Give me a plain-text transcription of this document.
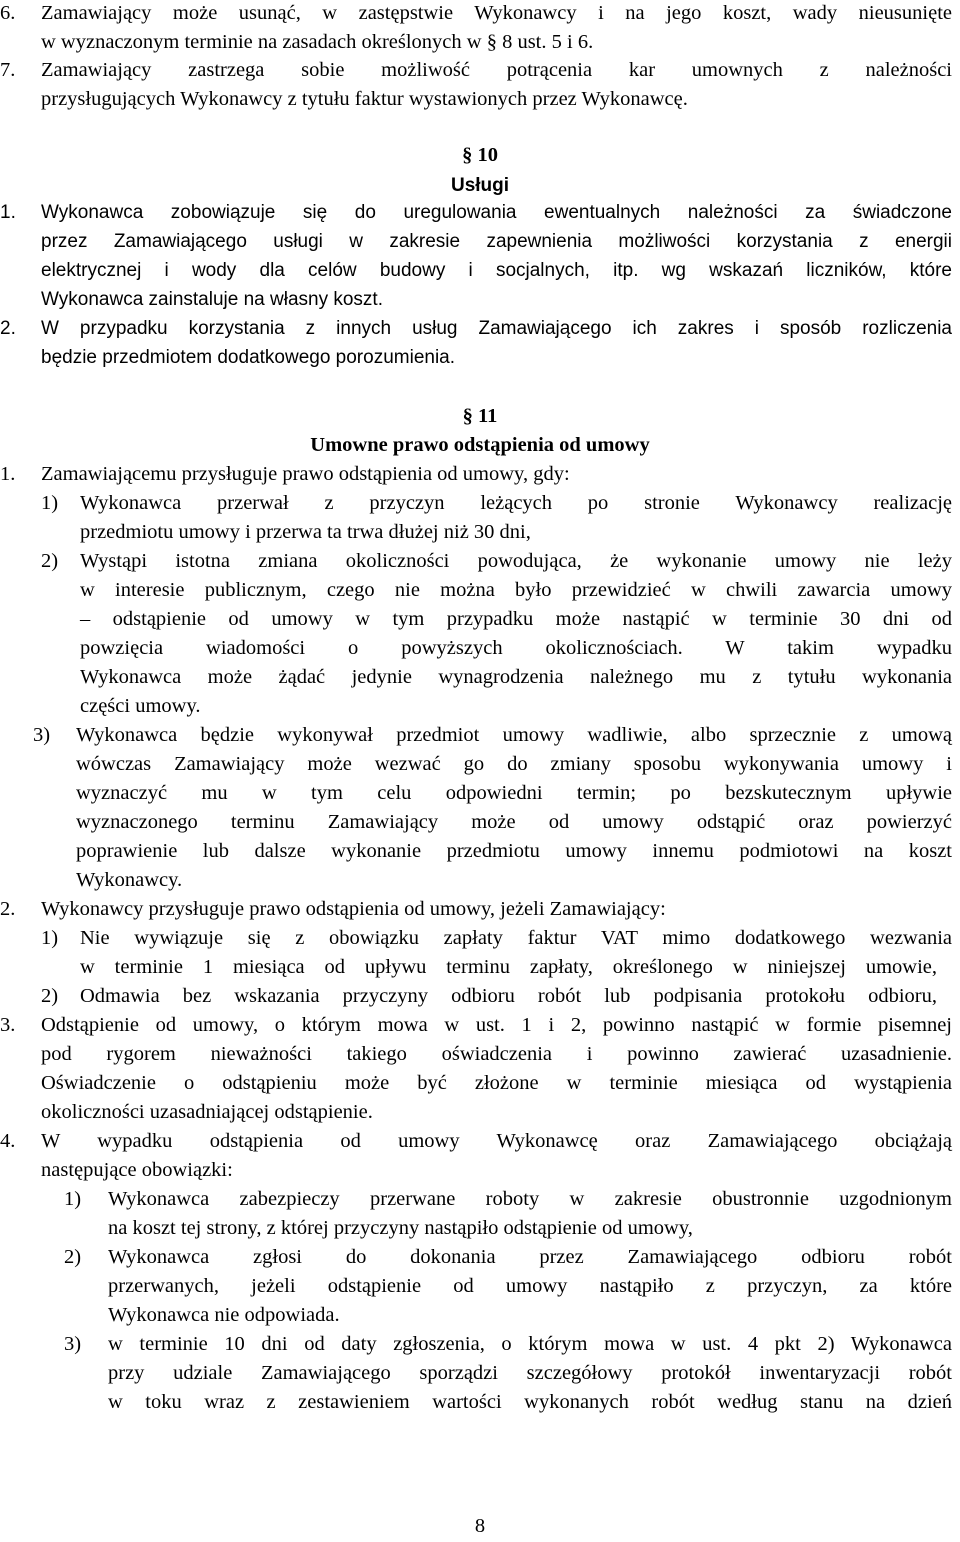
6. Zamawiający może usunąć, w zastępstwie Wykonawcy i na jego koszt, wady nieusunięte
w wyznaczonym terminie na zasadach określonych w § 8 ust. 5 i 6.
7. Zamawiający zastrzega sobie możliwość potrącenia kar umownych z należności
przysługujących Wykonawcy z tytułu faktur wystawionych przez Wykonawcę.
§ 10
Usługi
1. Wykonawca zobowiązuje się do uregulowania ewentualnych należności za świadczone
przez Zamawiającego usługi w zakresie zapewnienia możliwości korzystania z energii
elektrycznej i wody dla celów budowy i socjalnych, itp. wg wskazań liczników, które
Wykonawca zainstaluje na własny koszt.
2. W przypadku korzystania z innych usług Zamawiającego ich zakres i sposób rozliczenia
będzie przedmiotem dodatkowego porozumienia.
§ 11
Umowne prawo odstąpienia od umowy
1. Zamawiającemu przysługuje prawo odstąpienia od umowy, gdy:
1) Wykonawca przerwał z przyczyn leżących po stronie Wykonawcy realizację
przedmiotu umowy i przerwa ta trwa dłużej niż 30 dni,
2) Wystąpi istotna zmiana okoliczności powodująca, że wykonanie umowy nie leży
w interesie publicznym, czego nie można było przewidzieć w chwili zawarcia umowy
– odstąpienie od umowy w tym przypadku może nastąpić w terminie 30 dni od
powzięcia wiadomości o powyższych okolicznościach. W takim wypadku
Wykonawca może żądać jedynie wynagrodzenia należnego mu z tytułu wykonania
części umowy.
3) Wykonawca będzie wykonywał przedmiot umowy wadliwie, albo sprzecznie z umową
wówczas Zamawiający może wezwać go do zmiany sposobu wykonywania umowy i
wyznaczyć mu w tym celu odpowiedni termin; po bezskutecznym upływie
wyznaczonego terminu Zamawiający może od umowy odstąpić oraz powierzyć
poprawienie lub dalsze wykonanie przedmiotu umowy innemu podmiotowi na koszt
Wykonawcy.
2. Wykonawcy przysługuje prawo odstąpienia od umowy, jeżeli Zamawiający:
1) Nie wywiązuje się z obowiązku zapłaty faktur VAT mimo dodatkowego wezwania
w terminie 1 miesiąca od upływu terminu zapłaty, określonego w niniejszej umowie,
2) Odmawia bez wskazania przyczyny odbioru robót lub podpisania protokołu odbioru,
3. Odstąpienie od umowy, o którym mowa w ust. 1 i 2, powinno nastąpić w formie pisemnej
pod rygorem nieważności takiego oświadczenia i powinno zawierać uzasadnienie.
Oświadczenie o odstąpieniu może być złożone w terminie miesiąca od wystąpienia
okoliczności uzasadniającej odstąpienie.
4. W wypadku odstąpienia od umowy Wykonawcę oraz Zamawiającego obciążają
następujące obowiązki:
1) Wykonawca zabezpieczy przerwane roboty w zakresie obustronnie uzgodnionym
na koszt tej strony, z której przyczyny nastąpiło odstąpienie od umowy,
2) Wykonawca zgłosi do dokonania przez Zamawiającego odbioru robót
przerwanych, jeżeli odstąpienie od umowy nastąpiło z przyczyn, za które
Wykonawca nie odpowiada.
3) w terminie 10 dni od daty zgłoszenia, o którym mowa w ust. 4 pkt 2) Wykonawca
przy udziale Zamawiającego sporządzi szczegółowy protokół inwentaryzacji robót
w toku wraz z zestawieniem wartości wykonanych robót według stanu na dzień
8
